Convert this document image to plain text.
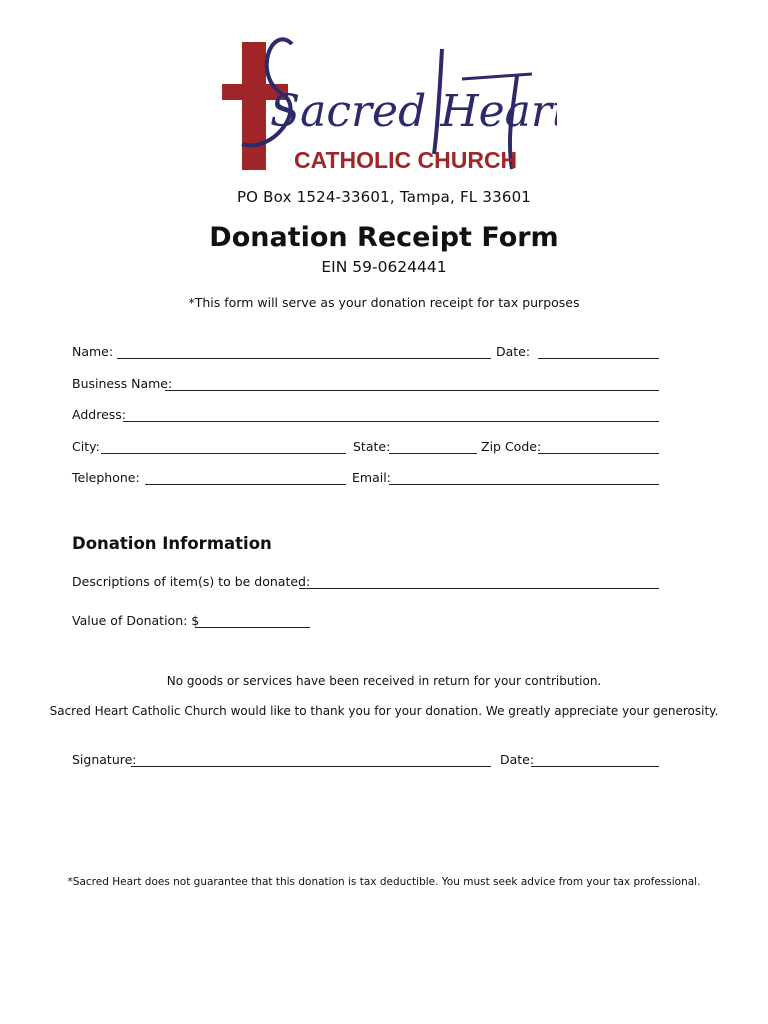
Sacred Heart
CATHOLIC CHURCH
PO Box 1524-33601, Tampa, FL 33601
Donation Receipt Form
EIN 59-0624441
*This form will serve as your donation receipt for tax purposes
Name:	Date:
Business Name:
Address:
City:	State:	Zip Code:
Telephone:	Email:
Donation Information
Descriptions of item(s) to be donated:
Value of Donation: $
No goods or services have been received in return for your contribution.
Sacred Heart Catholic Church would like to thank you for your donation. We greatly appreciate your generosity.
Signature:	Date:
*Sacred Heart does not guarantee that this donation is tax deductible. You must seek advice from your tax professional.
